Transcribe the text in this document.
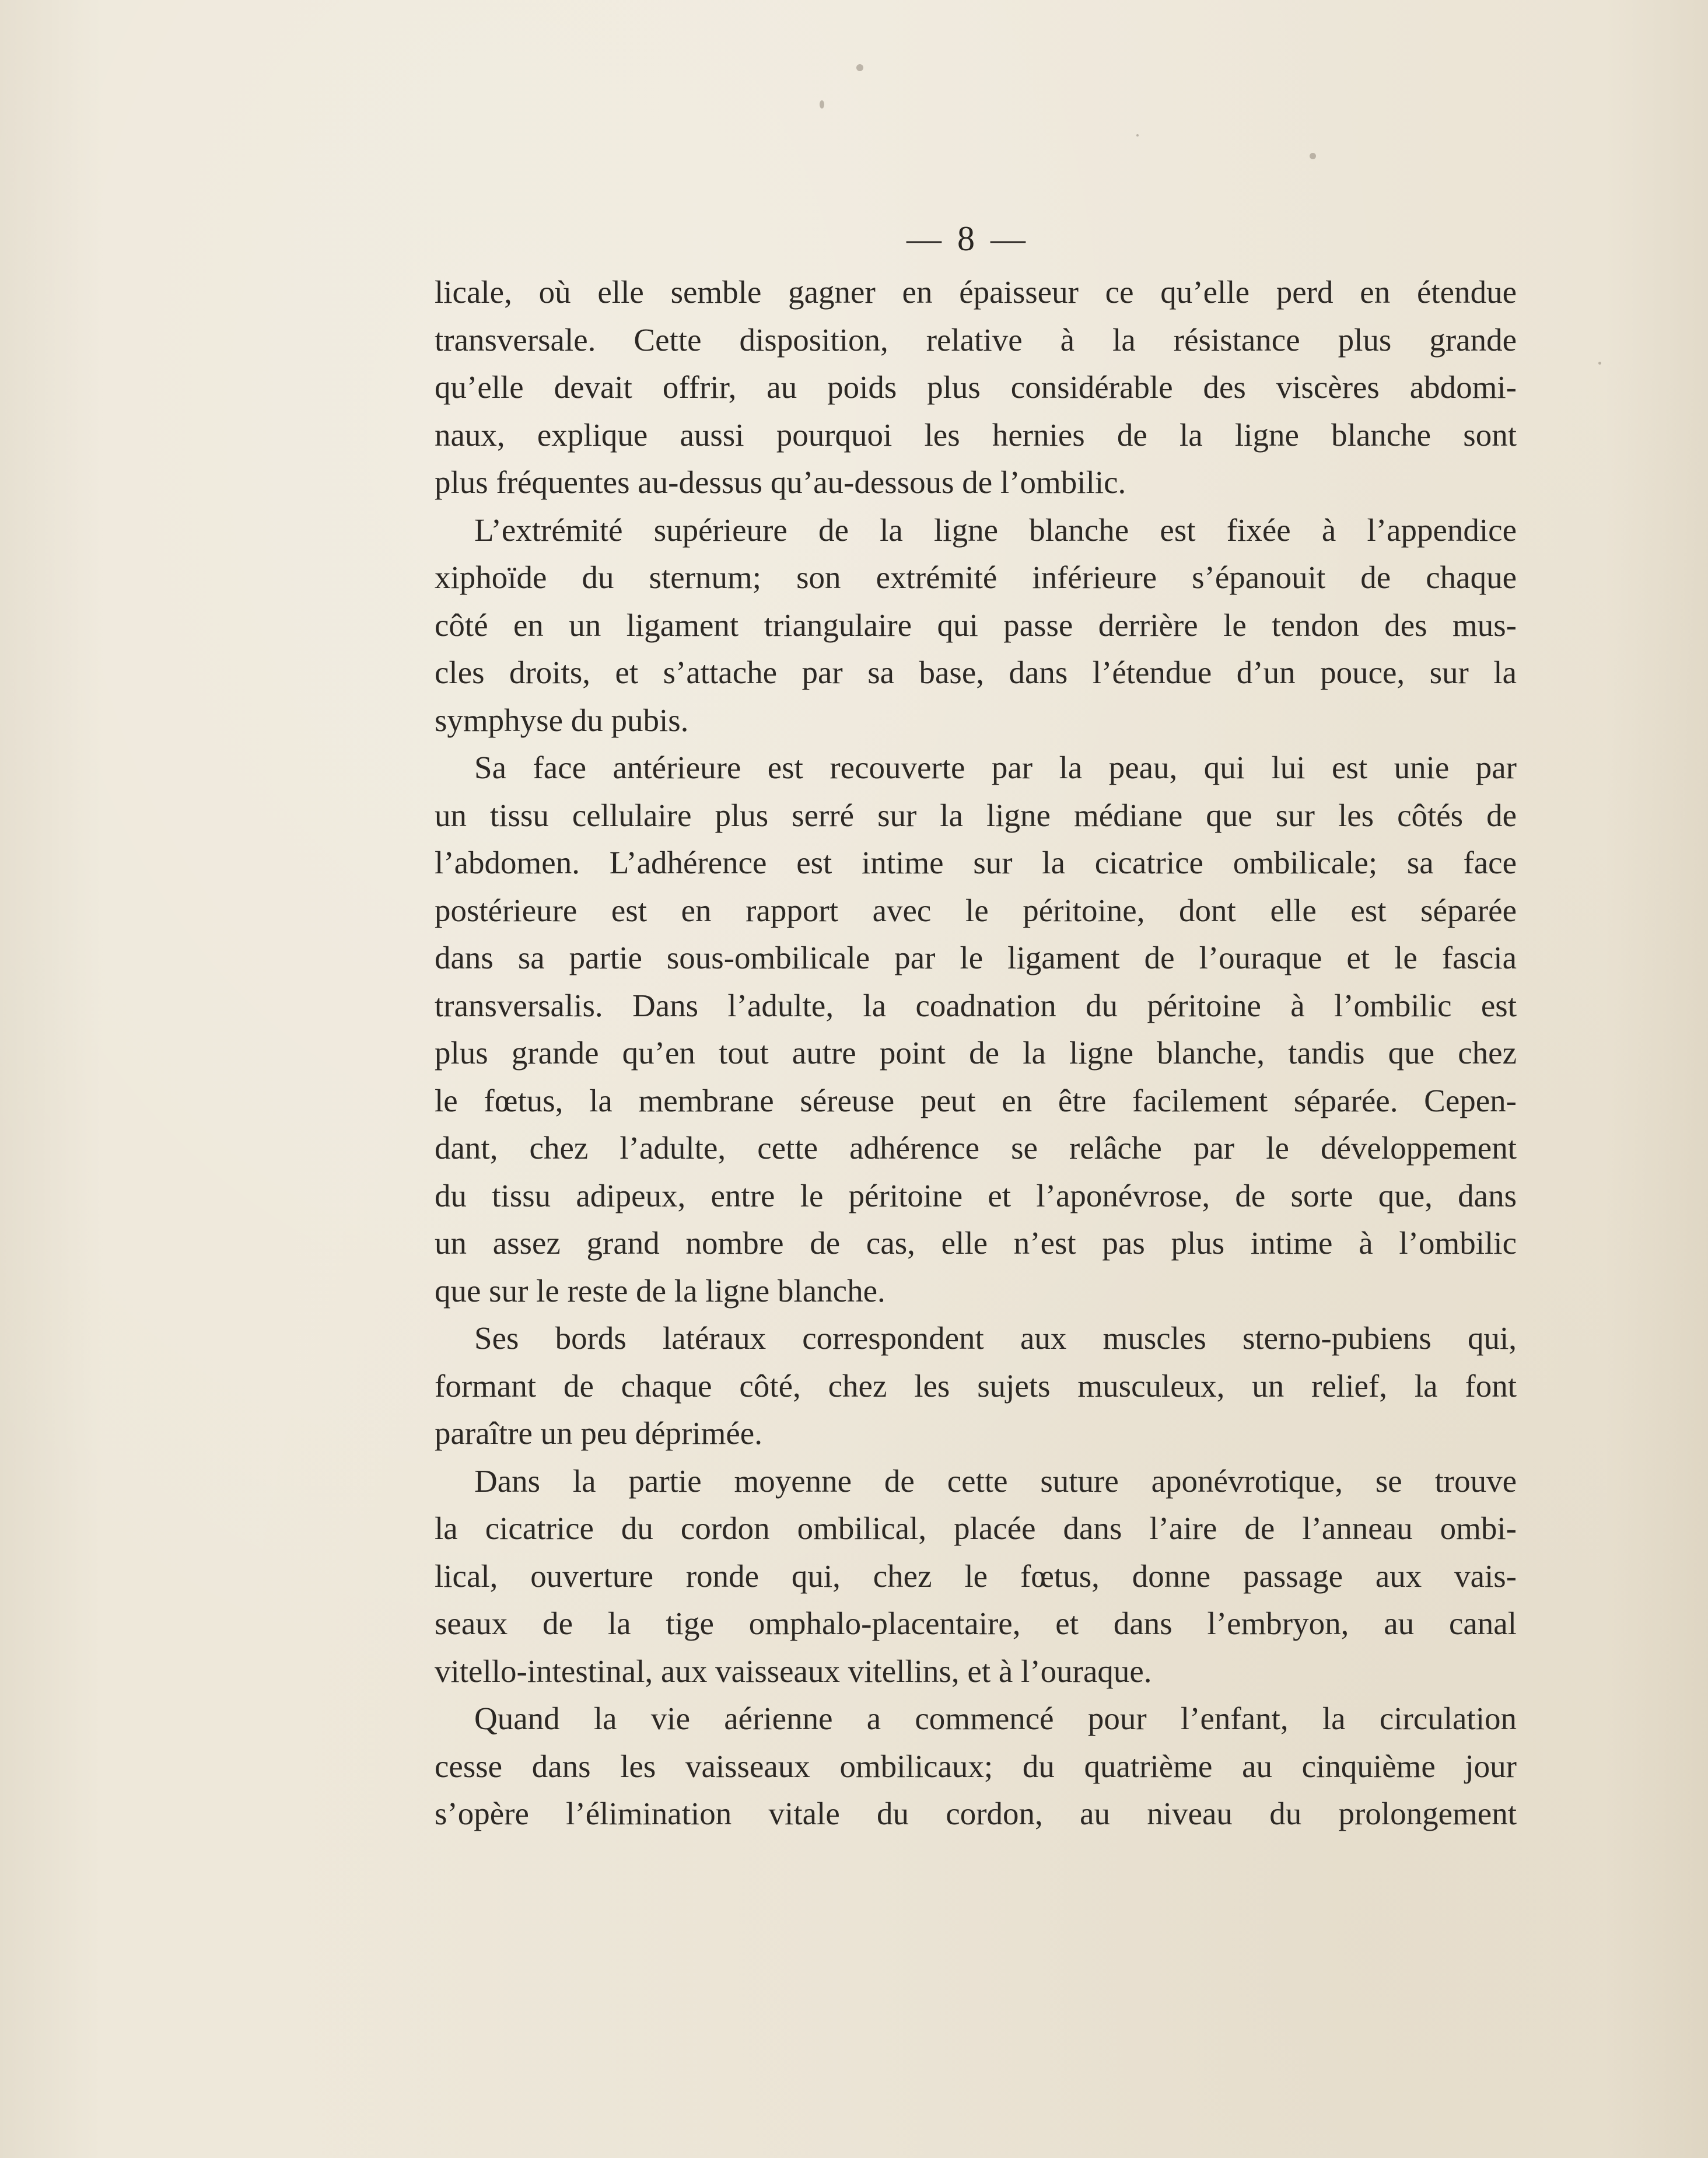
— 8 —
licale, où elle semble gagner en épaisseur ce qu’elle perd en étendue
transversale. Cette disposition, relative à la résistance plus grande
qu’elle devait offrir, au poids plus considérable des viscères abdomi-
naux, explique aussi pourquoi les hernies de la ligne blanche sont
plus fréquentes au-dessus qu’au-dessous de l’ombilic.
L’extrémité supérieure de la ligne blanche est fixée à l’appendice
xiphoïde du sternum; son extrémité inférieure s’épanouit de chaque
côté en un ligament triangulaire qui passe derrière le tendon des mus-
cles droits, et s’attache par sa base, dans l’étendue d’un pouce, sur la
symphyse du pubis.
Sa face antérieure est recouverte par la peau, qui lui est unie par
un tissu cellulaire plus serré sur la ligne médiane que sur les côtés de
l’abdomen. L’adhérence est intime sur la cicatrice ombilicale; sa face
postérieure est en rapport avec le péritoine, dont elle est séparée
dans sa partie sous-ombilicale par le ligament de l’ouraque et le fascia
transversalis. Dans l’adulte, la coadnation du péritoine à l’ombilic est
plus grande qu’en tout autre point de la ligne blanche, tandis que chez
le fœtus, la membrane séreuse peut en être facilement séparée. Cepen-
dant, chez l’adulte, cette adhérence se relâche par le développement
du tissu adipeux, entre le péritoine et l’aponévrose, de sorte que, dans
un assez grand nombre de cas, elle n’est pas plus intime à l’ombilic
que sur le reste de la ligne blanche.
Ses bords latéraux correspondent aux muscles sterno-pubiens qui,
formant de chaque côté, chez les sujets musculeux, un relief, la font
paraître un peu déprimée.
Dans la partie moyenne de cette suture aponévrotique, se trouve
la cicatrice du cordon ombilical, placée dans l’aire de l’anneau ombi-
lical, ouverture ronde qui, chez le fœtus, donne passage aux vais-
seaux de la tige omphalo-placentaire, et dans l’embryon, au canal
vitello-intestinal, aux vaisseaux vitellins, et à l’ouraque.
Quand la vie aérienne a commencé pour l’enfant, la circulation
cesse dans les vaisseaux ombilicaux; du quatrième au cinquième jour
s’opère l’élimination vitale du cordon, au niveau du prolongement
